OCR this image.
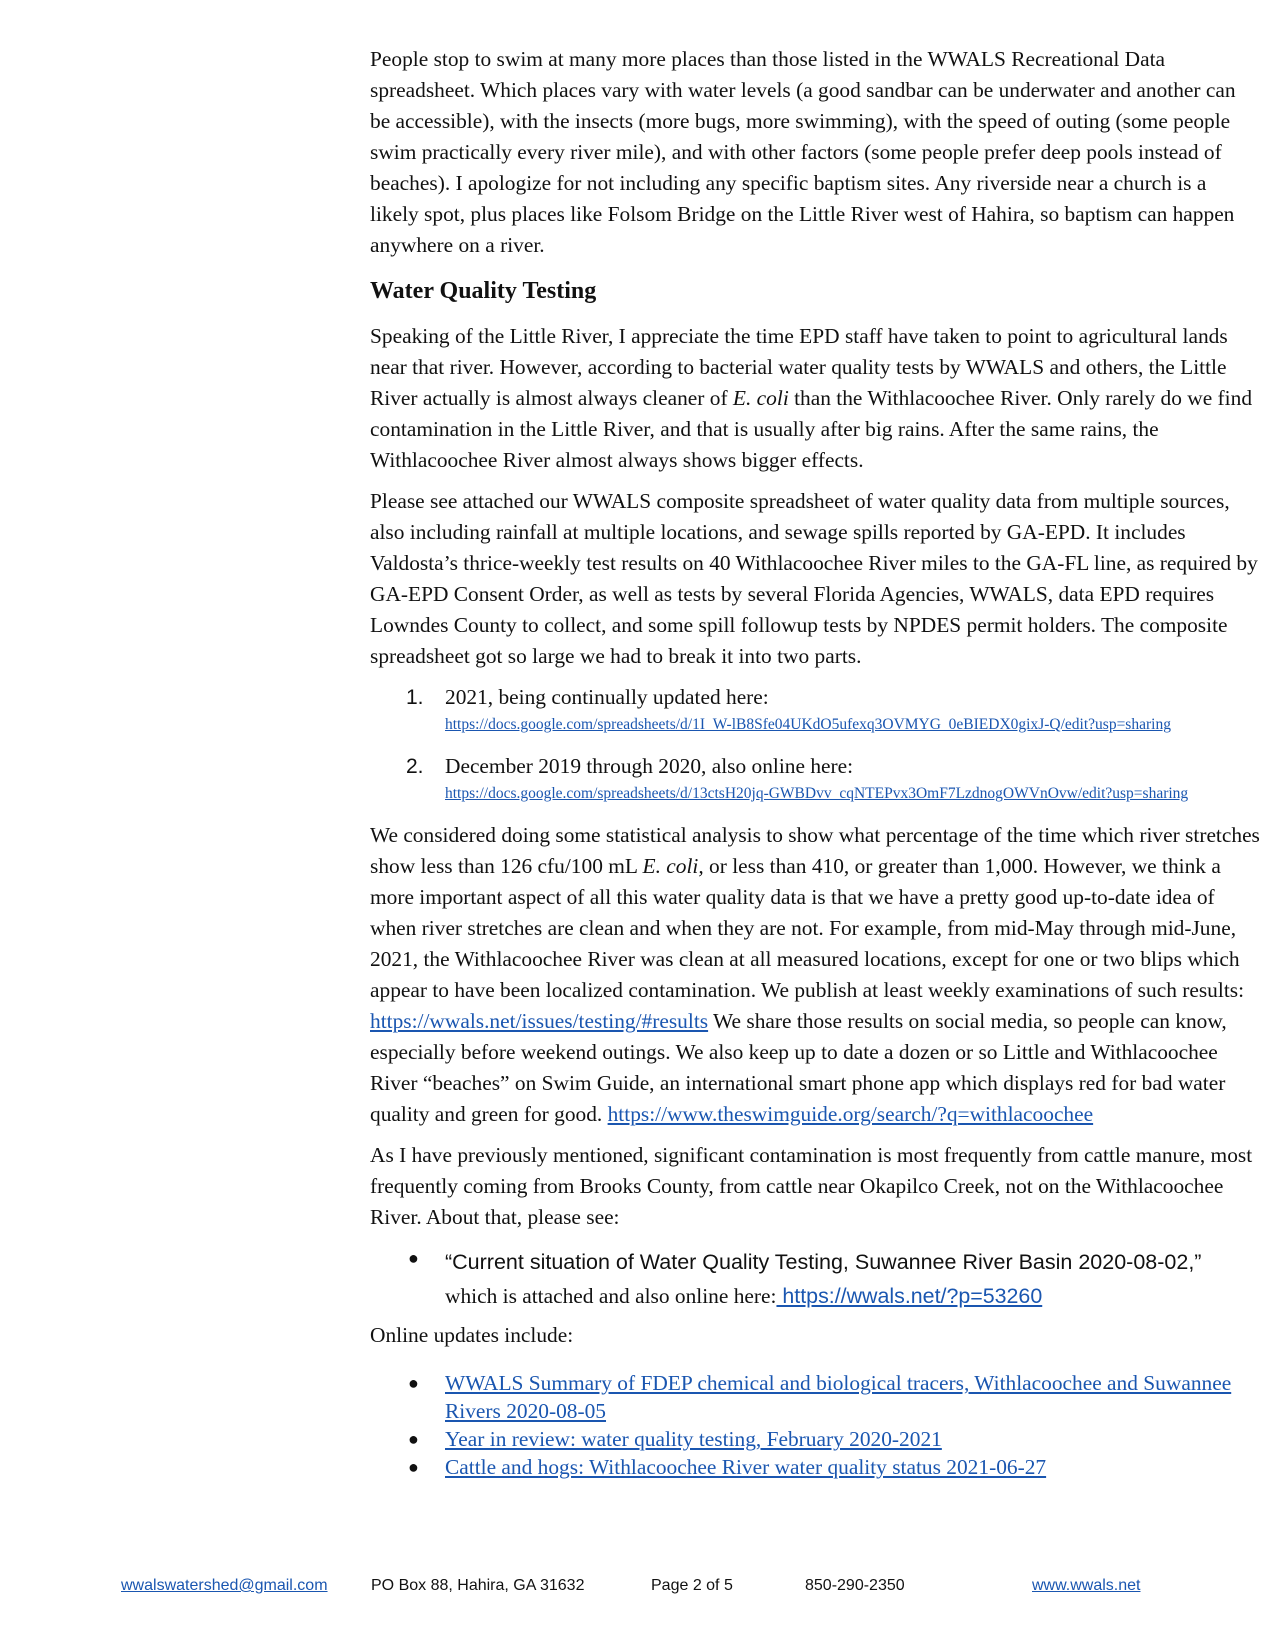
People stop to swim at many more places than those listed in the WWALS Recreational Data spreadsheet. Which places vary with water levels (a good sandbar can be underwater and another can be accessible), with the insects (more bugs, more swimming), with the speed of outing (some people swim practically every river mile), and with other factors (some people prefer deep pools instead of beaches). I apologize for not including any specific baptism sites. Any riverside near a church is a likely spot, plus places like Folsom Bridge on the Little River west of Hahira, so baptism can happen anywhere on a river.

Water Quality Testing

Speaking of the Little River, I appreciate the time EPD staff have taken to point to agricultural lands near that river. However, according to bacterial water quality tests by WWALS and others, the Little River actually is almost always cleaner of E. coli than the Withlacoochee River. Only rarely do we find contamination in the Little River, and that is usually after big rains. After the same rains, the Withlacoochee River almost always shows bigger effects.

Please see attached our WWALS composite spreadsheet of water quality data from multiple sources, also including rainfall at multiple locations, and sewage spills reported by GA-EPD. It includes Valdosta’s thrice-weekly test results on 40 Withlacoochee River miles to the GA-FL line, as required by GA-EPD Consent Order, as well as tests by several Florida Agencies, WWALS, data EPD requires Lowndes County to collect, and some spill followup tests by NPDES permit holders. The composite spreadsheet got so large we had to break it into two parts.

1. 2021, being continually updated here:
https://docs.google.com/spreadsheets/d/1I_W-lB8Sfe04UKdO5ufexq3OVMYG_0eBIEDX0gixJ-Q/edit?usp=sharing
2. December 2019 through 2020, also online here:
https://docs.google.com/spreadsheets/d/13ctsH20jq-GWBDvv_cqNTEPvx3OmF7LzdnogOWVnOvw/edit?usp=sharing

We considered doing some statistical analysis to show what percentage of the time which river stretches show less than 126 cfu/100 mL E. coli, or less than 410, or greater than 1,000. However, we think a more important aspect of all this water quality data is that we have a pretty good up-to-date idea of when river stretches are clean and when they are not. For example, from mid-May through mid-June, 2021, the Withlacoochee River was clean at all measured locations, except for one or two blips which appear to have been localized contamination. We publish at least weekly examinations of such results: https://wwals.net/issues/testing/#results We share those results on social media, so people can know, especially before weekend outings. We also keep up to date a dozen or so Little and Withlacoochee River “beaches” on Swim Guide, an international smart phone app which displays red for bad water quality and green for good. https://www.theswimguide.org/search/?q=withlacoochee

As I have previously mentioned, significant contamination is most frequently from cattle manure, most frequently coming from Brooks County, from cattle near Okapilco Creek, not on the Withlacoochee River. About that, please see:

● “Current situation of Water Quality Testing, Suwannee River Basin 2020-08-02,”
which is attached and also online here: https://wwals.net/?p=53260

Online updates include:

● WWALS Summary of FDEP chemical and biological tracers, Withlacoochee and Suwannee Rivers 2020-08-05
● Year in review: water quality testing, February 2020-2021
● Cattle and hogs: Withlacoochee River water quality status 2021-06-27
wwalswatershed@gmail.com	PO Box 88, Hahira, GA 31632	Page 2 of 5	850-290-2350	www.wwals.net
